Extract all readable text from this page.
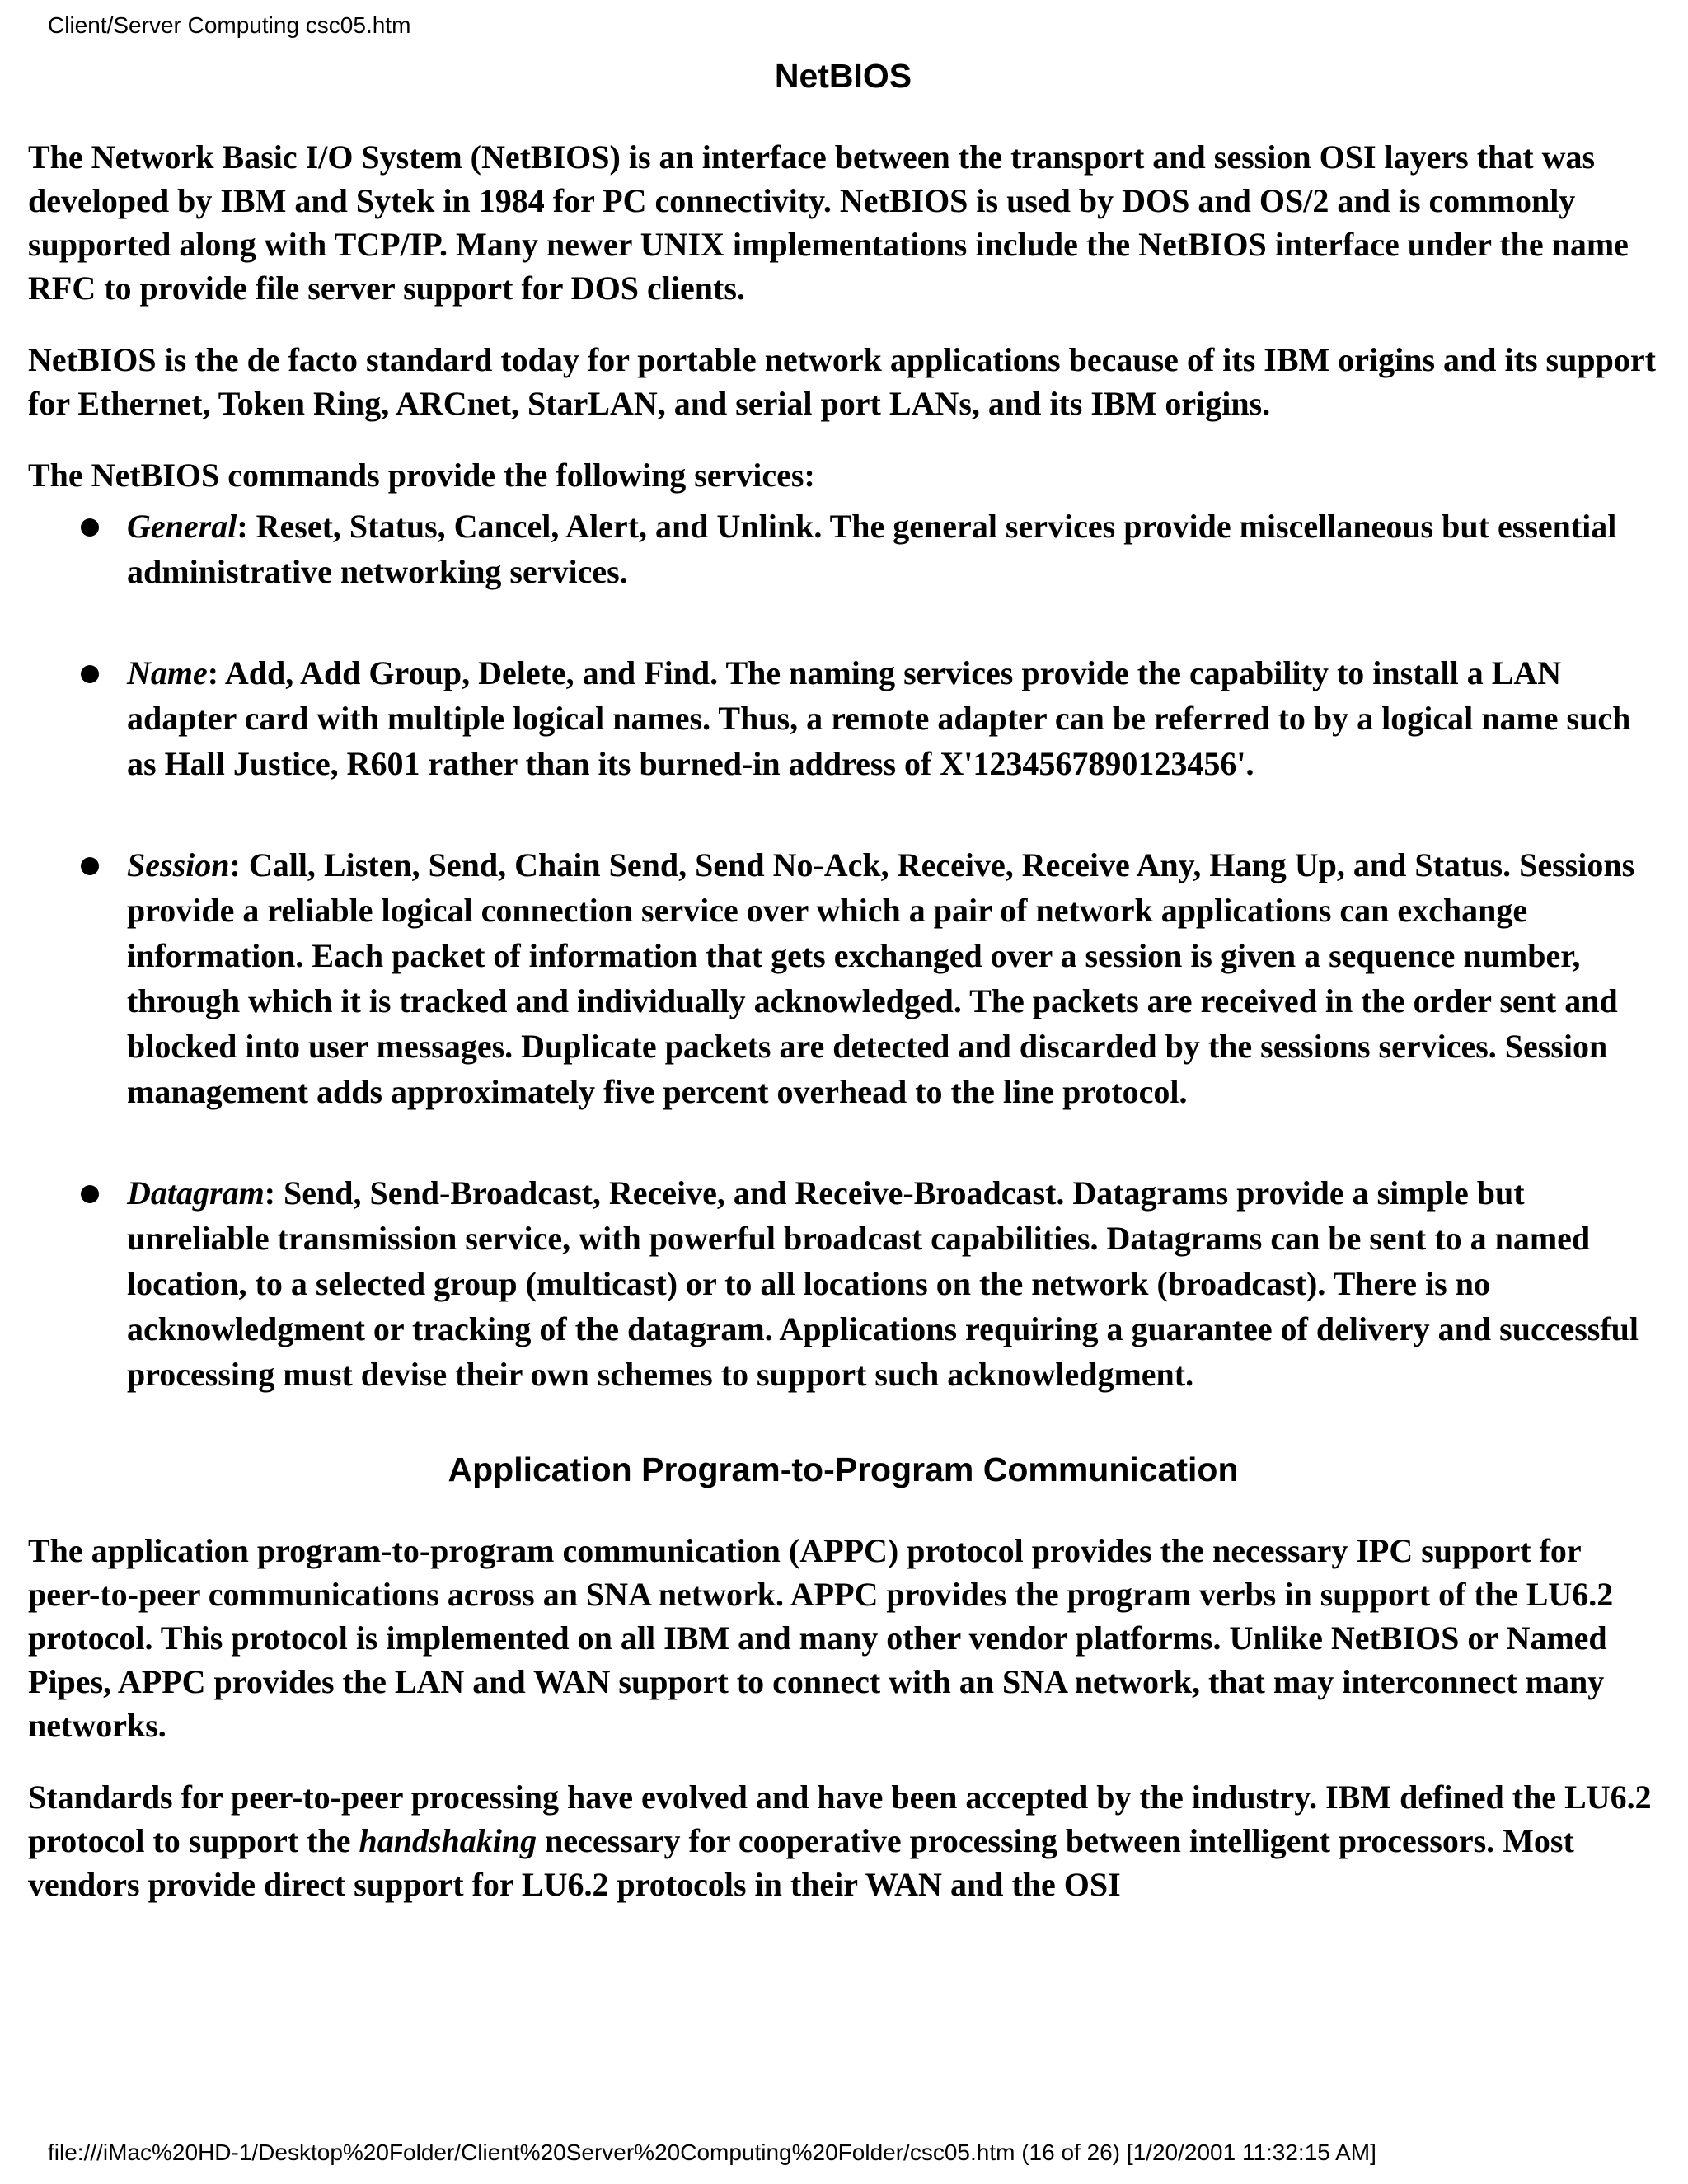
Client/Server Computing csc05.htm
NetBIOS

The Network Basic I/O System (NetBIOS) is an interface between the transport and session OSI layers that was developed by IBM and Sytek in 1984 for PC connectivity. NetBIOS is used by DOS and OS/2 and is commonly supported along with TCP/IP. Many newer UNIX implementations include the NetBIOS interface under the name RFC to provide file server support for DOS clients.

NetBIOS is the de facto standard today for portable network applications because of its IBM origins and its support for Ethernet, Token Ring, ARCnet, StarLAN, and serial port LANs, and its IBM origins.

The NetBIOS commands provide the following services:

General: Reset, Status, Cancel, Alert, and Unlink. The general services provide miscellaneous but essential administrative networking services.
Name: Add, Add Group, Delete, and Find. The naming services provide the capability to install a LAN adapter card with multiple logical names. Thus, a remote adapter can be referred to by a logical name such as Hall Justice, R601 rather than its burned-in address of X'1234567890123456'.
Session: Call, Listen, Send, Chain Send, Send No-Ack, Receive, Receive Any, Hang Up, and Status. Sessions provide a reliable logical connection service over which a pair of network applications can exchange information. Each packet of information that gets exchanged over a session is given a sequence number, through which it is tracked and individually acknowledged. The packets are received in the order sent and blocked into user messages. Duplicate packets are detected and discarded by the sessions services. Session management adds approximately five percent overhead to the line protocol.
Datagram: Send, Send-Broadcast, Receive, and Receive-Broadcast. Datagrams provide a simple but unreliable transmission service, with powerful broadcast capabilities. Datagrams can be sent to a named location, to a selected group (multicast) or to all locations on the network (broadcast). There is no acknowledgment or tracking of the datagram. Applications requiring a guarantee of delivery and successful processing must devise their own schemes to support such acknowledgment.
Application Program-to-Program Communication

The application program-to-program communication (APPC) protocol provides the necessary IPC support for peer-to-peer communications across an SNA network. APPC provides the program verbs in support of the LU6.2 protocol. This protocol is implemented on all IBM and many other vendor platforms. Unlike NetBIOS or Named Pipes, APPC provides the LAN and WAN support to connect with an SNA network, that may interconnect many networks.

Standards for peer-to-peer processing have evolved and have been accepted by the industry. IBM defined the LU6.2 protocol to support the handshaking necessary for cooperative processing between intelligent processors. Most vendors provide direct support for LU6.2 protocols in their WAN and the OSI

file:///iMac%20HD-1/Desktop%20Folder/Client%20Server%20Computing%20Folder/csc05.htm (16 of 26) [1/20/2001 11:32:15 AM]
